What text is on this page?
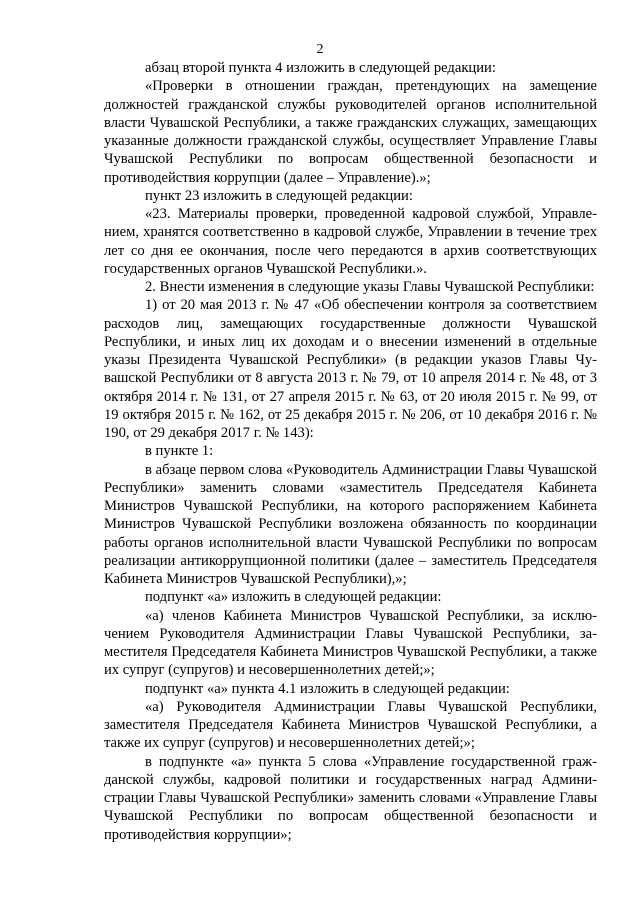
2

абзац второй пункта 4 изложить в следующей редакции:

«Проверки в отношении граждан, претендующих на замещение должностей гражданской службы руководителей органов исполнительной власти Чувашской Республики, а также гражданских служащих, замещающих указанные должности гражданской службы, осуществляет Управление Главы Чувашской Республики по вопросам общественной безопасности и противодействия коррупции (далее – Управление).»;

пункт 23 изложить в следующей редакции:

«23. Материалы проверки, проведенной кадровой службой, Управлением, хранятся соответственно в кадровой службе, Управлении в течение трех лет со дня ее окончания, после чего передаются в архив соответствующих государственных органов Чувашской Республики.».

2. Внести изменения в следующие указы Главы Чувашской Республики:

1) от 20 мая 2013 г. № 47 «Об обеспечении контроля за соответствием расходов лиц, замещающих государственные должности Чувашской Республики, и иных лиц их доходам и о внесении изменений в отдельные указы Президента Чувашской Республики» (в редакции указов Главы Чувашской Республики от 8 августа 2013 г. № 79, от 10 апреля 2014 г. № 48, от 3 октября 2014 г. № 131, от 27 апреля 2015 г. № 63, от 20 июля 2015 г. № 99, от 19 октября 2015 г. № 162, от 25 декабря 2015 г. № 206, от 10 декабря 2016 г. № 190, от 29 декабря 2017 г. № 143):

в пункте 1:

в абзаце первом слова «Руководитель Администрации Главы Чувашской Республики» заменить словами «заместитель Председателя Кабинета Министров Чувашской Республики, на которого распоряжением Кабинета Министров Чувашской Республики возложена обязанность по координации работы органов исполнительной власти Чувашской Республики по вопросам реализации антикоррупционной политики (далее – заместитель Председателя Кабинета Министров Чувашской Республики),»;

подпункт «а» изложить в следующей редакции:

«а) членов Кабинета Министров Чувашской Республики, за исключением Руководителя Администрации Главы Чувашской Республики, заместителя Председателя Кабинета Министров Чувашской Республики, а также их супруг (супругов) и несовершеннолетних детей;»;

подпункт «а» пункта 4.1 изложить в следующей редакции:

«а) Руководителя Администрации Главы Чувашской Республики, заместителя Председателя Кабинета Министров Чувашской Республики, а также их супруг (супругов) и несовершеннолетних детей;»;

в подпункте «а» пункта 5 слова «Управление государственной гражданской службы, кадровой политики и государственных наград Администрации Главы Чувашской Республики» заменить словами «Управление Главы Чувашской Республики по вопросам общественной безопасности и противодействия коррупции»;
